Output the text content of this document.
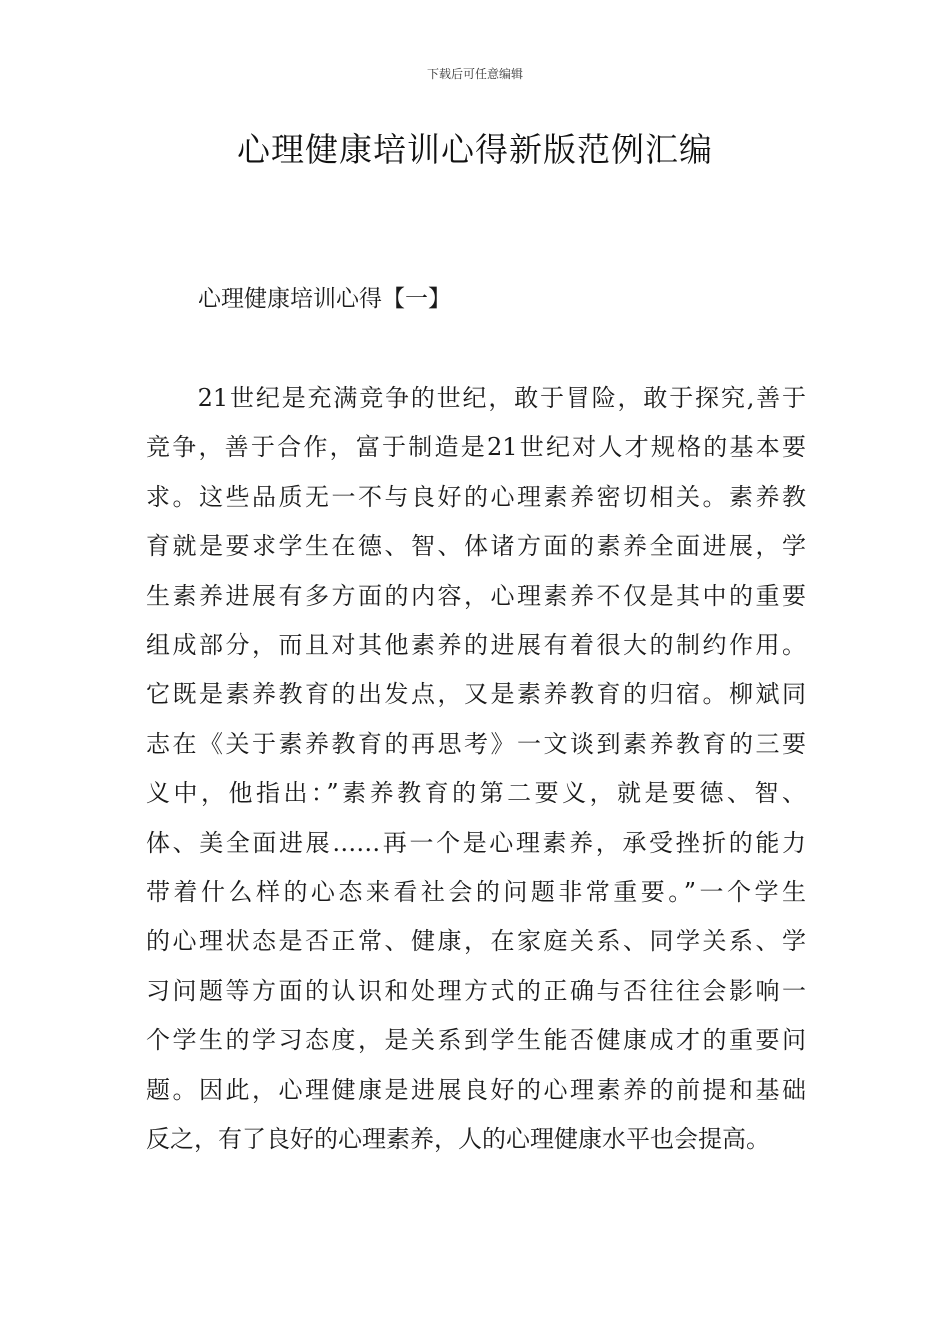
下载后可任意编辑
心理健康培训心得新版范例汇编
心理健康培训心得【一】
　　21世纪是充满竞争的世纪，敢于冒险，敢于探究,善于
竞争，善于合作，富于制造是21世纪对人才规格的基本要
求。这些品质无一不与良好的心理素养密切相关。素养教
育就是要求学生在德、智、体诸方面的素养全面进展，学
生素养进展有多方面的内容，心理素养不仅是其中的重要
组成部分，而且对其他素养的进展有着很大的制约作用。
它既是素养教育的出发点，又是素养教育的归宿。柳斌同
志在《关于素养教育的再思考》一文谈到素养教育的三要
义中，他指出：”素养教育的第二要义，就是要德、智、
体、美全面进展……再一个是心理素养，承受挫折的能力
带着什么样的心态来看社会的问题非常重要。”一个学生
的心理状态是否正常、健康，在家庭关系、同学关系、学
习问题等方面的认识和处理方式的正确与否往往会影响一
个学生的学习态度，是关系到学生能否健康成才的重要问
题。因此，心理健康是进展良好的心理素养的前提和基础
反之，有了良好的心理素养，人的心理健康水平也会提高。
